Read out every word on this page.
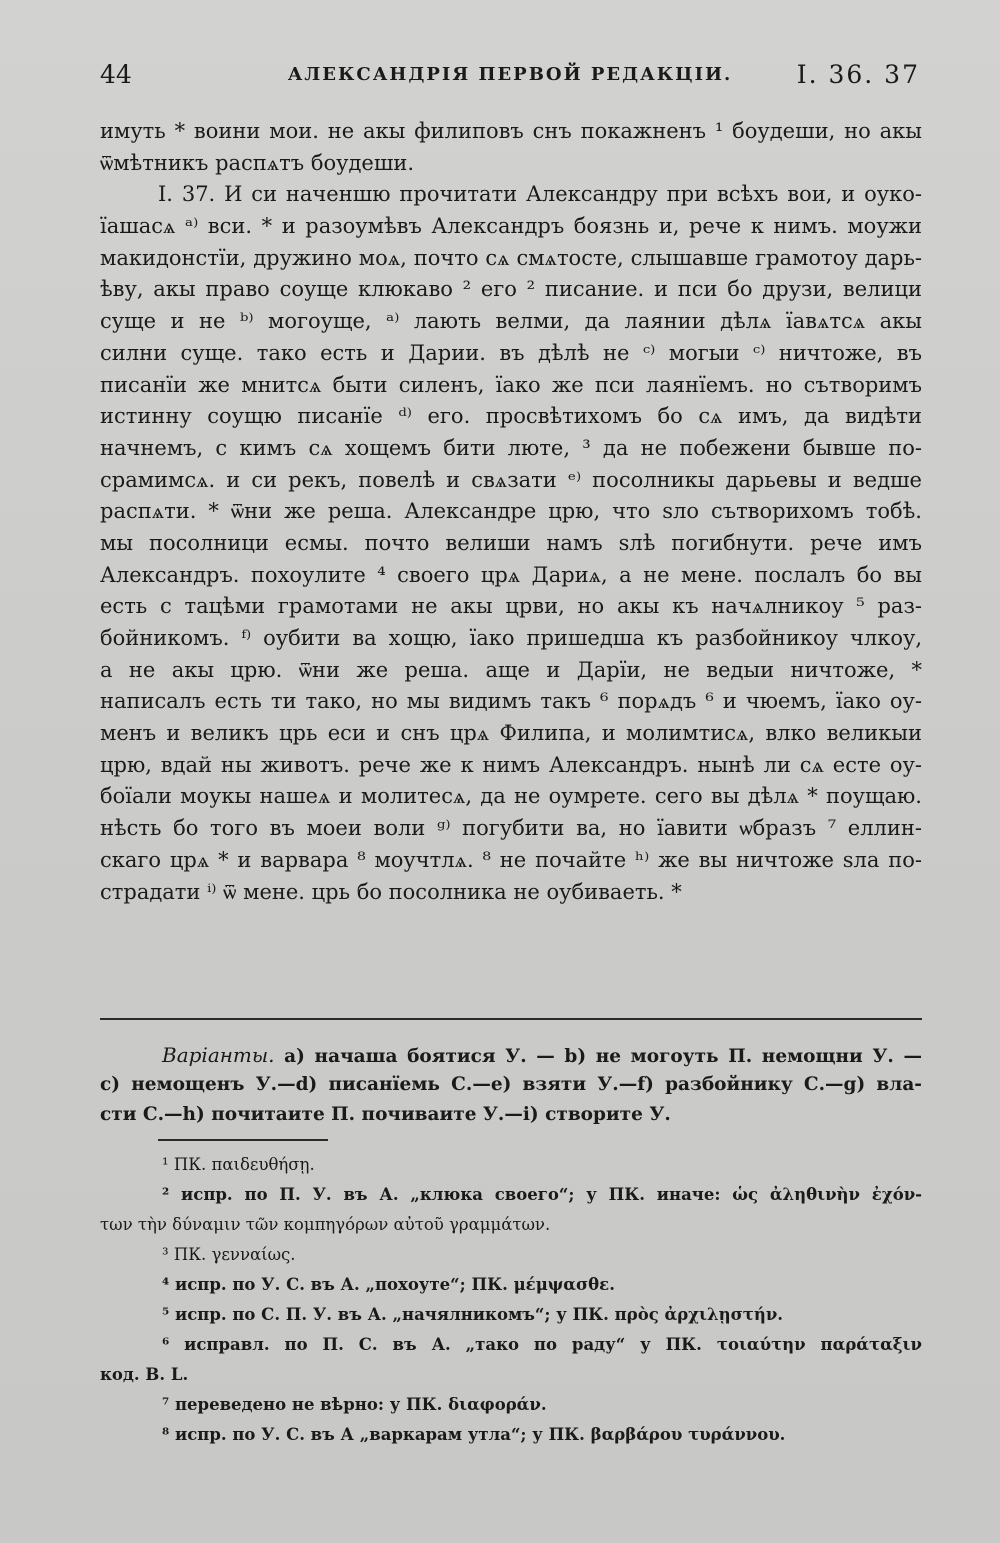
44	АЛЕКСАНДРІЯ ПЕРВОЙ РЕДАКЦІИ.	I. 36. 37
имуть * воини мои. не акы филиповъ снъ покажненъ ¹ боудеши, но акы
ѿмѣтникъ распѧтъ боудеши.
I. 37. И си наченшю прочитати Александру при всѣхъ вои, и оуко-
їашасѧ ᵃ⁾ вси. * и разоумѣвъ Александръ боязнь и, рече к нимъ. моужи
макидонстїи, дружино моѧ, почто сѧ смѧтосте, слышавше грамотоу дарь-
ѣву, акы право соуще клюкаво ² его ² писание. и пси бо друзи, велици
суще и не ᵇ⁾ могоуще, ᵃ⁾ лають велми, да лаянии дѣлѧ їавѧтсѧ акы
силни суще. тако есть и Дарии. въ дѣлѣ не ᶜ⁾ могыи ᶜ⁾ ничтоже, въ
писанїи же мнитсѧ быти силенъ, їако же пси лаянїемъ. но сътворимъ
истинну соущю писанїе ᵈ⁾ его. просвѣтихомъ бо сѧ имъ, да видѣти
начнемъ, с кимъ сѧ хощемъ бити люте, ³ да не побежени бывше по-
срамимсѧ. и си рекъ, повелѣ и свѧзати ᵉ⁾ посолникы дарьевы и ведше
распѧти. * ѿни же реша. Александре црю, что ѕло сътворихомъ тобѣ.
мы посолници есмы. почто велиши намъ ѕлѣ погибнути. рече имъ
Александръ. похоулите ⁴ своего црѧ Дариѧ, а не мене. послалъ бо вы
есть с тацѣми грамотами не акы црви, но акы къ начѧлникоу ⁵ раз-
бойникомъ. ᶠ⁾ оубити ва хощю, їако пришедша къ разбойникоу члкоу,
а не акы црю. ѿни же реша. аще и Дарїи, не ведыи ничтоже, *
написалъ есть ти тако, но мы видимъ такъ ⁶ порѧдъ ⁶ и чюемъ, їако оу-
менъ и великъ црь еси и снъ црѧ Филипа, и молимтисѧ, влко великыи
црю, вдай ны животъ. рече же к нимъ Александръ. нынѣ ли сѧ есте оу-
боїали моукы нашеѧ и молитесѧ, да не оумрете. сего вы дѣлѧ * поущаю.
нѣсть бо того въ моеи воли ᵍ⁾ погубити ва, но їавити ѡбразъ ⁷ еллин-
скаго црѧ * и варвара ⁸ моучтлѧ. ⁸ не почайте ʰ⁾ же вы ничтоже ѕла по-
страдати ⁱ⁾ ѿ мене. црь бо посолника не оубиваеть. *
Варіанты. a) начаша боятися У. — b) не могоуть П. немощни У. —
c) немощенъ У.—d) писанїемь С.—e) взяти У.—f) разбойнику С.—g) вла-
сти С.—h) почитаите П. почиваите У.—i) створите У.
¹ ПК. παιδευθήσῃ.
² испр. по П. У. въ А. „клюка своего“; у ПК. иначе: ὡς ἀληθινὴν ἐχόν-
των τὴν δύναμιν τῶν κομπηγόρων αὐτοῦ γραμμάτων.
³ ПК. γενναίως.
⁴ испр. по У. С. въ А. „похоуте“; ПК. μέμψασθε.
⁵ испр. по С. П. У. въ А. „начялникомъ“; у ПК. πρὸς ἀρχιλῃστήν.
⁶ исправл. по П. С. въ А. „тако по раду“ у ПК. τοιαύτην παράταξιν
код. B. L.
⁷ переведено не вѣрно: у ПК. διαφοράν.
⁸ испр. по У. С. въ А „варкарам утла“; у ПК. βαρβάρου τυράννου.
